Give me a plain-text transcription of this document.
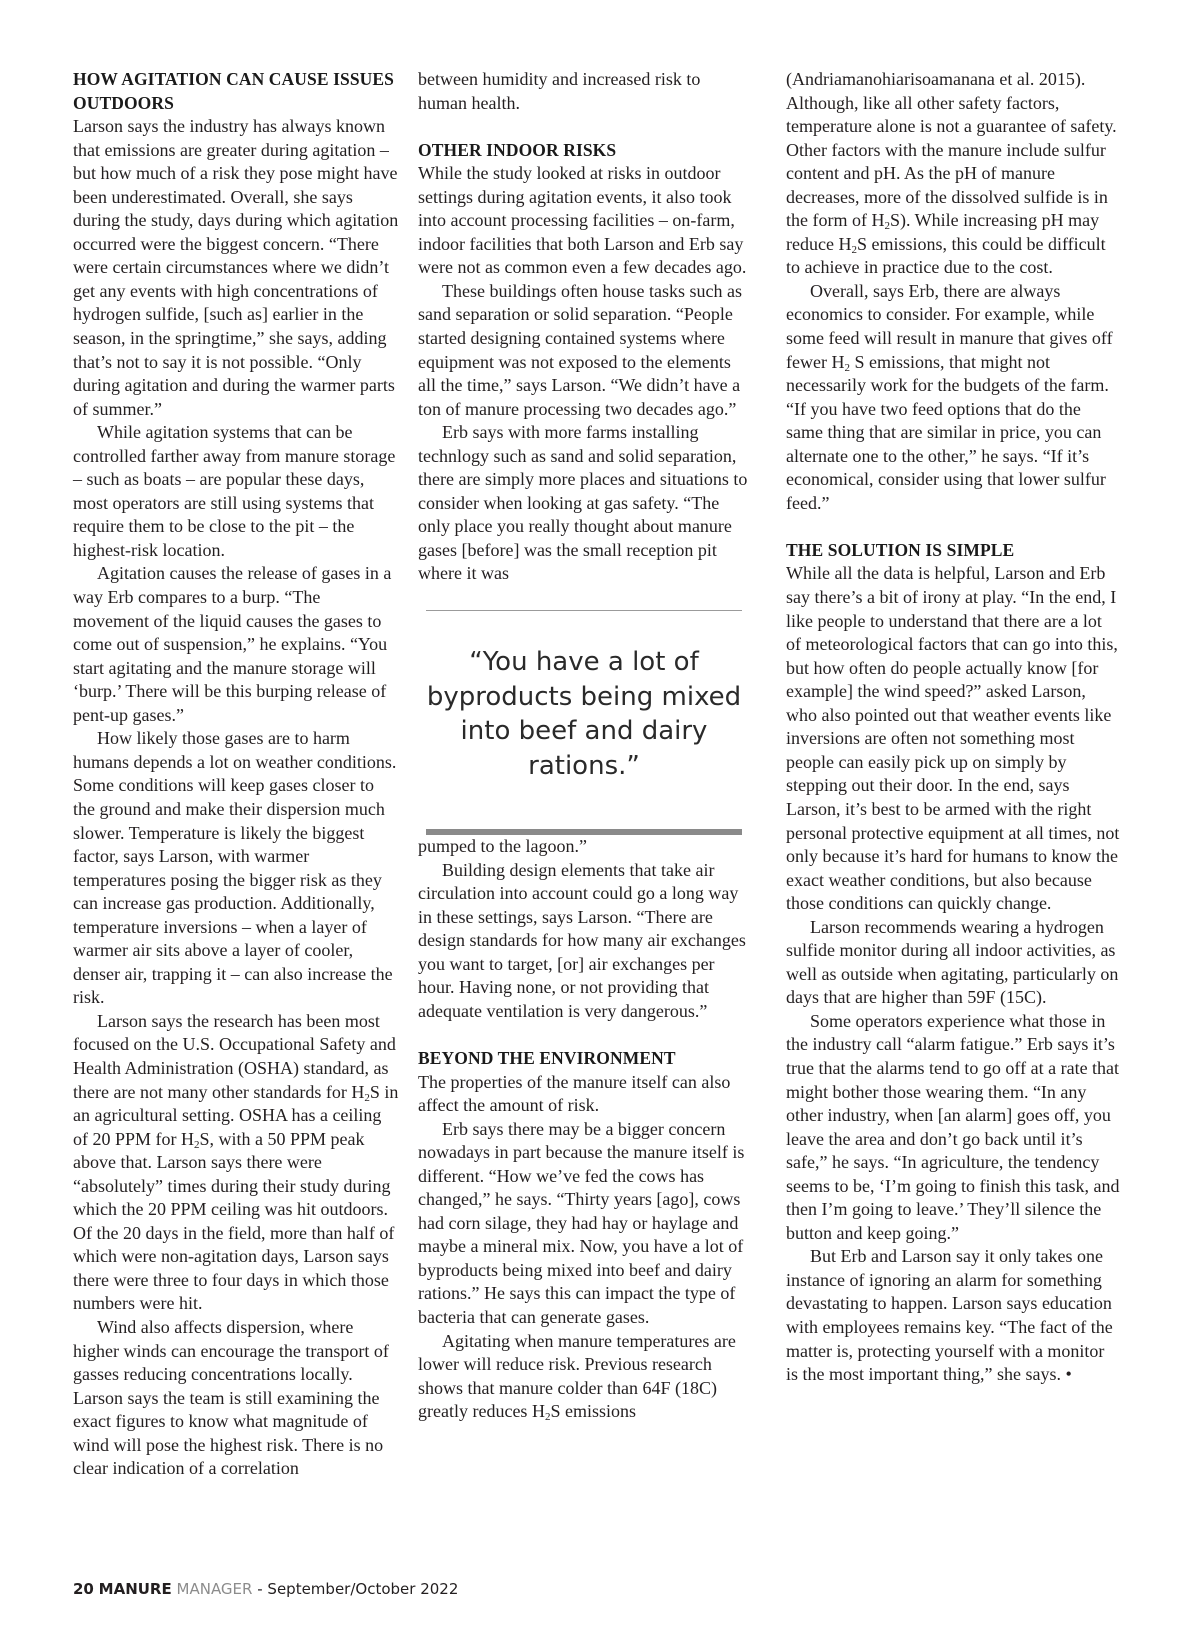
HOW AGITATION CAN CAUSE ISSUES OUTDOORS

Larson says the industry has always known that emissions are greater during agitation – but how much of a risk they pose might have been underestimated. Overall, she says during the study, days during which agitation occurred were the biggest concern. “There were certain circumstances where we didn’t get any events with high concentrations of hydrogen sulfide, [such as] earlier in the season, in the springtime,” she says, adding that’s not to say it is not possible. “Only during agitation and during the warmer parts of summer.”

While agitation systems that can be controlled farther away from manure storage – such as boats – are popular these days, most operators are still using systems that require them to be close to the pit – the highest-risk location.

Agitation causes the release of gases in a way Erb compares to a burp. “The movement of the liquid causes the gases to come out of suspension,” he explains. “You start agitating and the manure storage will ‘burp.’ There will be this burping release of pent-up gases.”

How likely those gases are to harm humans depends a lot on weather conditions. Some conditions will keep gases closer to the ground and make their dispersion much slower. Temperature is likely the biggest factor, says Larson, with warmer temperatures posing the bigger risk as they can increase gas production. Additionally, temperature inversions – when a layer of warmer air sits above a layer of cooler, denser air, trapping it – can also increase the risk.

Larson says the research has been most focused on the U.S. Occupational Safety and Health Administration (OSHA) standard, as there are not many other standards for $H_2S$ in an agricultural setting. OSHA has a ceiling of 20 PPM for $H_2S$, with a 50 PPM peak above that. Larson says there were “absolutely” times during their study during which the 20 PPM ceiling was hit outdoors. Of the 20 days in the field, more than half of which were non-agitation days, Larson says there were three to four days in which those numbers were hit.

Wind also affects dispersion, where higher winds can encourage the transport of gasses reducing concentrations locally. Larson says the team is still examining the exact figures to know what magnitude of wind will pose the highest risk. There is no clear indication of a correlation

between humidity and increased risk to human health.

OTHER INDOOR RISKS

While the study looked at risks in outdoor settings during agitation events, it also took into account processing facilities – on-farm, indoor facilities that both Larson and Erb say were not as common even a few decades ago.

These buildings often house tasks such as sand separation or solid separation. “People started designing contained systems where equipment was not exposed to the elements all the time,” says Larson. “We didn’t have a ton of manure processing two decades ago.”

Erb says with more farms installing technlogy such as sand and solid separation, there are simply more places and situations to consider when looking at gas safety. “The only place you really thought about manure gases [before] was the small reception pit where it was

“You have a lot of byproducts being mixed into beef and dairy rations.”

pumped to the lagoon.”

Building design elements that take air circulation into account could go a long way in these settings, says Larson. “There are design standards for how many air exchanges you want to target, [or] air exchanges per hour. Having none, or not providing that adequate ventilation is very dangerous.”

BEYOND THE ENVIRONMENT

The properties of the manure itself can also affect the amount of risk.

Erb says there may be a bigger concern nowadays in part because the manure itself is different. “How we’ve fed the cows has changed,” he says. “Thirty years [ago], cows had corn silage, they had hay or haylage and maybe a mineral mix. Now, you have a lot of byproducts being mixed into beef and dairy rations.” He says this can impact the type of bacteria that can generate gases.

Agitating when manure temperatures are lower will reduce risk. Previous research shows that manure colder than 64F (18C) greatly reduces $H_2S$ emissions

(Andriamanohiarisoamanana et al. 2015). Although, like all other safety factors, temperature alone is not a guarantee of safety. Other factors with the manure include sulfur content and pH. As the pH of manure decreases, more of the dissolved sulfide is in the form of $H_2S$). While increasing pH may reduce $H_2S$ emissions, this could be difficult to achieve in practice due to the cost.

Overall, says Erb, there are always economics to consider. For example, while some feed will result in manure that gives off fewer $H_2$ S emissions, that might not necessarily work for the budgets of the farm. “If you have two feed options that do the same thing that are similar in price, you can alternate one to the other,” he says. “If it’s economical, consider using that lower sulfur feed.”

THE SOLUTION IS SIMPLE

While all the data is helpful, Larson and Erb say there’s a bit of irony at play. “In the end, I like people to understand that there are a lot of meteorological factors that can go into this, but how often do people actually know [for example] the wind speed?” asked Larson, who also pointed out that weather events like inversions are often not something most people can easily pick up on simply by stepping out their door. In the end, says Larson, it’s best to be armed with the right personal protective equipment at all times, not only because it’s hard for humans to know the exact weather conditions, but also because those conditions can quickly change.

Larson recommends wearing a hydrogen sulfide monitor during all indoor activities, as well as outside when agitating, particularly on days that are higher than 59F (15C).

Some operators experience what those in the industry call “alarm fatigue.” Erb says it’s true that the alarms tend to go off at a rate that might bother those wearing them. “In any other industry, when [an alarm] goes off, you leave the area and don’t go back until it’s safe,” he says. “In agriculture, the tendency seems to be, ‘I’m going to finish this task, and then I’m going to leave.’ They’ll silence the button and keep going.”

But Erb and Larson say it only takes one instance of ignoring an alarm for something devastating to happen. Larson says education with employees remains key. “The fact of the matter is, protecting yourself with a monitor is the most important thing,” she says. •

20 MANURE MANAGER - September/October 2022
